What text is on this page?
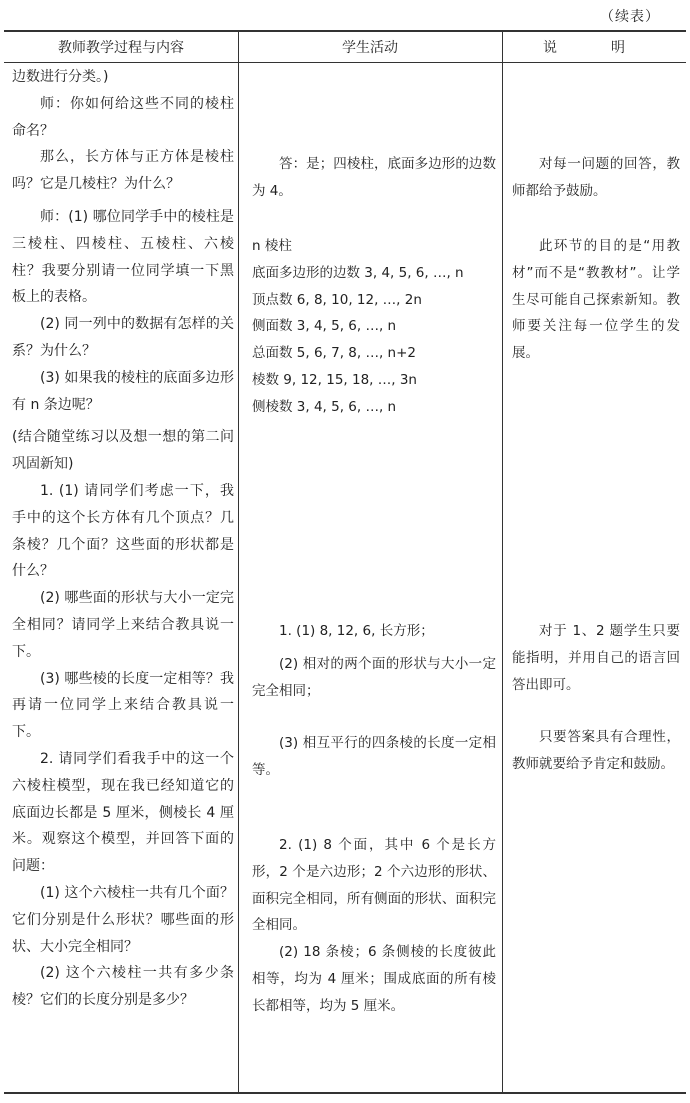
（续表）
教师教学过程与内容	学生活动	说　明

边数进行分类。)

师：你如何给这些不同的棱柱命名？

那么，长方体与正方体是棱柱吗？它是几棱柱？为什么？

师：(1) 哪位同学手中的棱柱是三棱柱、四棱柱、五棱柱、六棱柱？我要分别请一位同学填一下黑板上的表格。

(2) 同一列中的数据有怎样的关系？为什么？

(3) 如果我的棱柱的底面多边形有 n 条边呢？

(结合随堂练习以及想一想的第二问巩固新知)

1. (1) 请同学们考虑一下，我手中的这个长方体有几个顶点？几条棱？几个面？这些面的形状都是什么？

(2) 哪些面的形状与大小一定完全相同？请同学上来结合教具说一下。

(3) 哪些棱的长度一定相等？我再请一位同学上来结合教具说一下。

2. 请同学们看我手中的这一个六棱柱模型，现在我已经知道它的底面边长都是 5 厘米，侧棱长 4 厘米。观察这个模型，并回答下面的问题：

(1) 这个六棱柱一共有几个面？它们分别是什么形状？哪些面的形状、大小完全相同？

(2) 这个六棱柱一共有多少条棱？它们的长度分别是多少？

答：是；四棱柱，底面多边形的边数为 4。

n 棱柱

底面多边形的边数 3, 4, 5, 6, …, n

顶点数 6, 8, 10, 12, …, 2n

侧面数 3, 4, 5, 6, …, n

总面数 5, 6, 7, 8, …, n+2

棱数 9, 12, 15, 18, …, 3n

侧棱数 3, 4, 5, 6, …, n

1. (1) 8, 12, 6, 长方形；

(2) 相对的两个面的形状与大小一定完全相同；

(3) 相互平行的四条棱的长度一定相等。

2. (1) 8 个面，其中 6 个是长方形，2 个是六边形；2 个六边形的形状、面积完全相同，所有侧面的形状、面积完全相同。

(2) 18 条棱；6 条侧棱的长度彼此相等，均为 4 厘米；围成底面的所有棱长都相等，均为 5 厘米。

对每一问题的回答，教师都给予鼓励。

此环节的目的是“用教材”而不是“教教材”。让学生尽可能自己探索新知。教师要关注每一位学生的发展。

对于 1、2 题学生只要能指明，并用自己的语言回答出即可。

只要答案具有合理性，教师就要给予肯定和鼓励。
